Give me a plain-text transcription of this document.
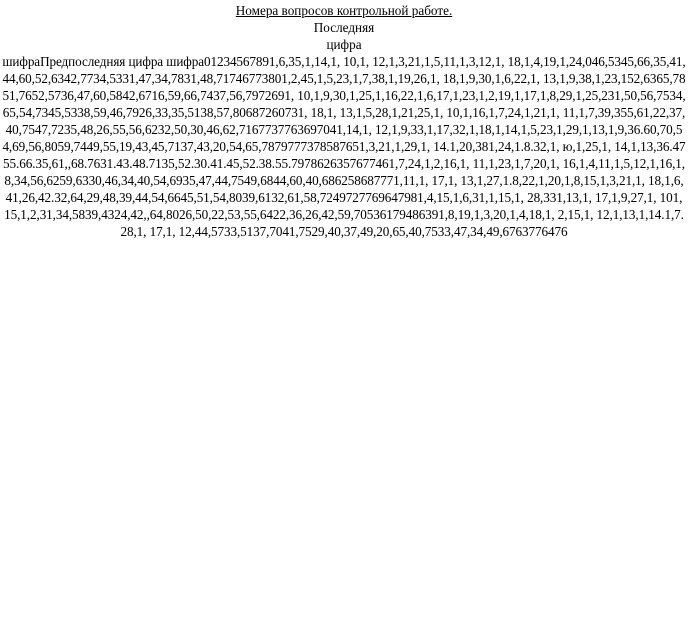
Номера вопросов контрольной работе.
Последняя
цифра
шифраПредпоследняя цифра шифра01234567891,6,35,1,14,1, 10,1, 12,1,3,21,1,5,11,1,3,12,1, 18,1,4,19,1,24,046,5345,66,35,41,44,60,52,6342,7734,5331,47,34,7831,48,71746773801,2,45,1,5,23,1,7,38,1,19,26,1, 18,1,9,30,1,6,22,1, 13,1,9,38,1,23,152,6365,7851,7652,5736,47,60,5842,6716,59,66,7437,56,7972691, 10,1,9,30,1,25,1,16,22,1,6,17,1,23,1,2,19,1,17,1,8,29,1,25,231,50,56,7534,65,54,7345,5338,59,46,7926,33,35,5138,57,80687260731, 18,1, 13,1,5,28,1,21,25,1, 10,1,16,1,7,24,1,21,1, 11,1,7,39,355,61,22,37,40,7547,7235,48,26,55,56,6232,50,30,46,62,7167737763697041,14,1, 12,1,9,33,1,17,32,1,18,1,14,1,5,23,1,29,1,13,1,9,36.60,70,54,69,56,8059,7449,55,19,43,45,7137,43,20,54,65,7879777378587651,3,21,1,29,1, 14.1,20,381,24,1.8.32,1, ю,1,25,1, 14,1,13,36.4755.66.35,61,,68.7631.43.48.7135,52.30.41.45,52.38.55.7978626357677461,7,24,1,2,16,1, 11,1,23,1,7,20,1, 16,1,4,11,1,5,12,1,16,1,8,34,56,6259,6330,46,34,40,54,6935,47,44,7549,6844,60,40,686258687771,11,1, 17,1, 13,1,27,1.8,22,1,20,1,8,15,1,3,21,1, 18,1,6,41,26,42.32,64,29,48,39,44,54,6645,51,54,8039,6132,61,58,7249727769647981,4,15,1,6,31,1,15,1, 28,331,13,1, 17,1,9,27,1, 101, 15,1,2,31,34,5839,4324,42,,64,8026,50,22,53,55,6422,36,26,42,59,70536179486391,8,19,1,3,20,1,4,18,1, 2,15,1, 12,1,13,1,14.1,7.28,1, 17,1, 12,44,5733,5137,7041,7529,40,37,49,20,65,40,7533,47,34,49,6763776476
